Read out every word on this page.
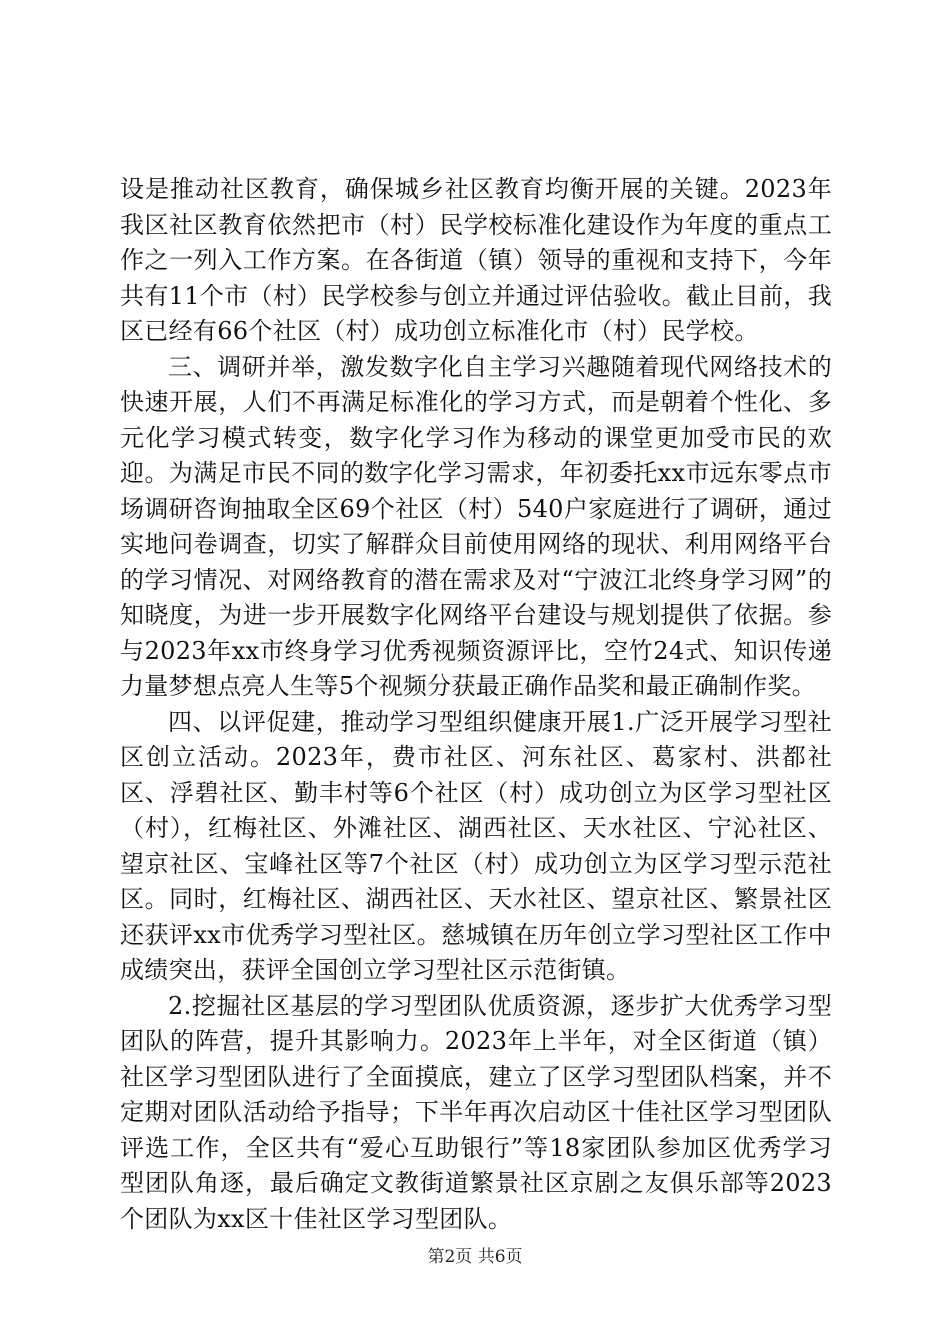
设是推动社区教育，确保城乡社区教育均衡开展的关键。2023年我区社区教育依然把市（村）民学校标准化建设作为年度的重点工作之一列入工作方案。在各街道（镇）领导的重视和支持下，今年共有11个市（村）民学校参与创立并通过评估验收。截止目前，我区已经有66个社区（村）成功创立标准化市（村）民学校。

三、调研并举，激发数字化自主学习兴趣随着现代网络技术的快速开展，人们不再满足标准化的学习方式，而是朝着个性化、多元化学习模式转变，数字化学习作为移动的课堂更加受市民的欢迎。为满足市民不同的数字化学习需求，年初委托xx市远东零点市场调研咨询抽取全区69个社区（村）540户家庭进行了调研，通过实地问卷调查，切实了解群众目前使用网络的现状、利用网络平台的学习情况、对网络教育的潜在需求及对“宁波江北终身学习网”的知晓度，为进一步开展数字化网络平台建设与规划提供了依据。参与2023年xx市终身学习优秀视频资源评比，空竹24式、知识传递力量梦想点亮人生等5个视频分获最正确作品奖和最正确制作奖。

四、以评促建，推动学习型组织健康开展1.广泛开展学习型社区创立活动。2023年，费市社区、河东社区、葛家村、洪都社区、浮碧社区、勤丰村等6个社区（村）成功创立为区学习型社区（村），红梅社区、外滩社区、湖西社区、天水社区、宁沁社区、望京社区、宝峰社区等7个社区（村）成功创立为区学习型示范社区。同时，红梅社区、湖西社区、天水社区、望京社区、繁景社区还获评xx市优秀学习型社区。慈城镇在历年创立学习型社区工作中成绩突出，获评全国创立学习型社区示范街镇。

2.挖掘社区基层的学习型团队优质资源，逐步扩大优秀学习型团队的阵营，提升其影响力。2023年上半年，对全区街道（镇）社区学习型团队进行了全面摸底，建立了区学习型团队档案，并不定期对团队活动给予指导；下半年再次启动区十佳社区学习型团队评选工作，全区共有“爱心互助银行”等18家团队参加区优秀学习型团队角逐，最后确定文教街道繁景社区京剧之友俱乐部等2023个团队为xx区十佳社区学习型团队。

第2页 共6页
